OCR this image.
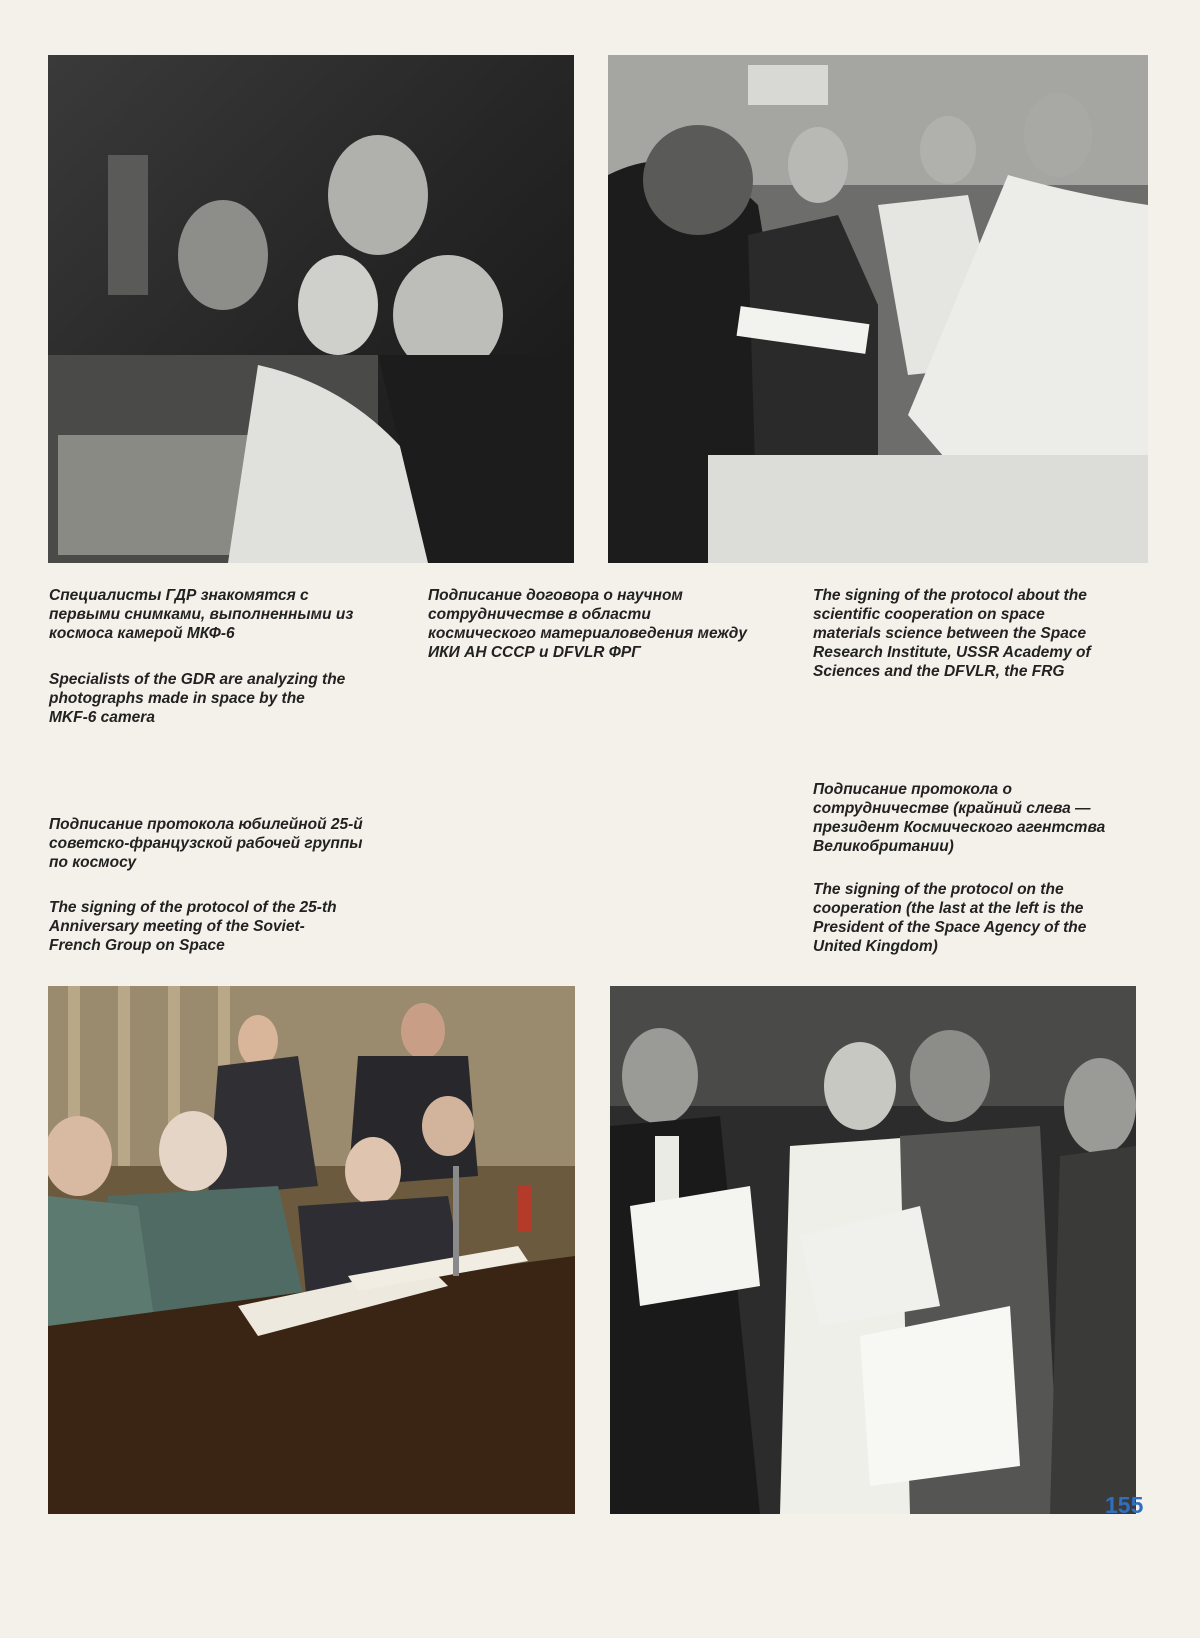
Специалисты ГДР знакомятся с
первыми снимками, выполненными из
космоса камерой МКФ-6

Specialists of the GDR are analyzing the
photographs made in space by the
MKF-6 camera

Подписание договора о научном
сотрудничестве в области
космического материаловедения между
ИКИ АН СССР и DFVLR ФРГ

The signing of the protocol about the
scientific cooperation on space
materials science between the Space
Research Institute, USSR Academy of
Sciences and the DFVLR, the FRG

Подписание протокола юбилейной 25-й
советско-французской рабочей группы
по космосу

The signing of the protocol of the 25-th
Anniversary meeting of the Soviet-
French Group on Space

Подписание протокола о
сотрудничестве (крайний слева —
президент Космического агентства
Великобритании)

The signing of the protocol on the
cooperation (the last at the left is the
President of the Space Agency of the
United Kingdom)

155
